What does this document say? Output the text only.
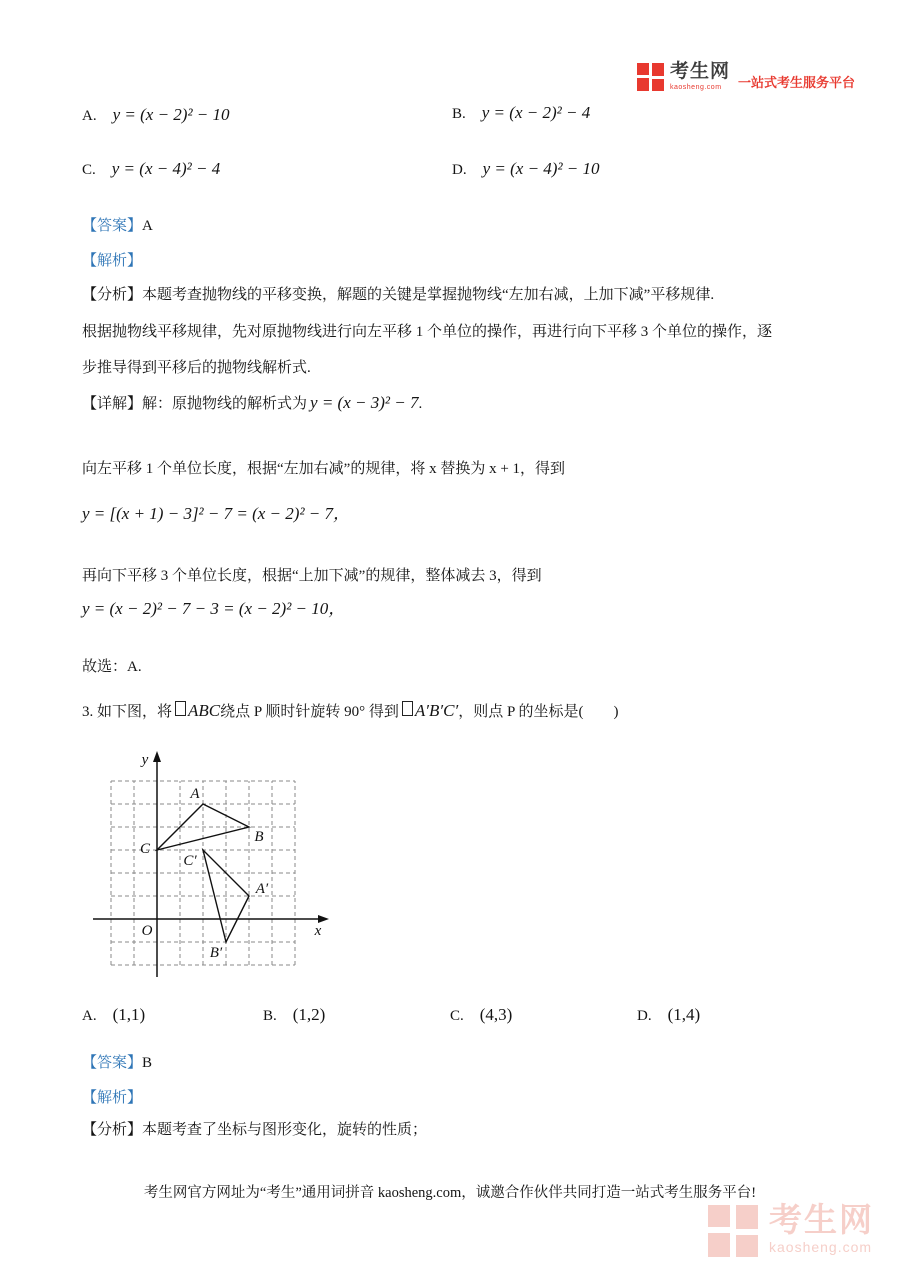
考生网
kaosheng.com	一站式考生服务平台
A. y = (x − 2)² − 10	B. y = (x − 2)² − 4
C. y = (x − 4)² − 4	D. y = (x − 4)² − 10
【答案】 A
【解析】
【分析】 本题考查抛物线的平移变换，解题的关键是掌握抛物线“左加右减，上加下减”平移规律.
根据抛物线平移规律，先对原抛物线进行向左平移 1 个单位的操作，再进行向下平移 3 个单位的操作，逐
步推导得到平移后的抛物线解析式.
【详解】 解：原抛物线的解析式为 y = (x − 3)² − 7 .
向左平移 1 个单位长度，根据“左加右减”的规律，将 x 替换为 x + 1，得到
y = [(x + 1) − 3]² − 7 = (x − 2)² − 7，
再向下平移 3 个单位长度，根据“上加下减”的规律，整体减去 3，得到
y = (x − 2)² − 7 − 3 = (x − 2)² − 10，
故选：A.
3. 如下图，将 ABC 绕点 P 顺时针旋转 90° 得到 A′B′C′ ，则点 P 的坐标是(　　)
y
x
O
A
B
C
A′
B′
C′
A. (1,1)	B. (1,2)	C. (4,3)	D. (1,4)
【答案】 B
【解析】
【分析】 本题考查了坐标与图形变化，旋转的性质；
考生网官方网址为“考生”通用词拼音 kaosheng.com，诚邀合作伙伴共同打造一站式考生服务平台!
考生网
kaosheng.com
